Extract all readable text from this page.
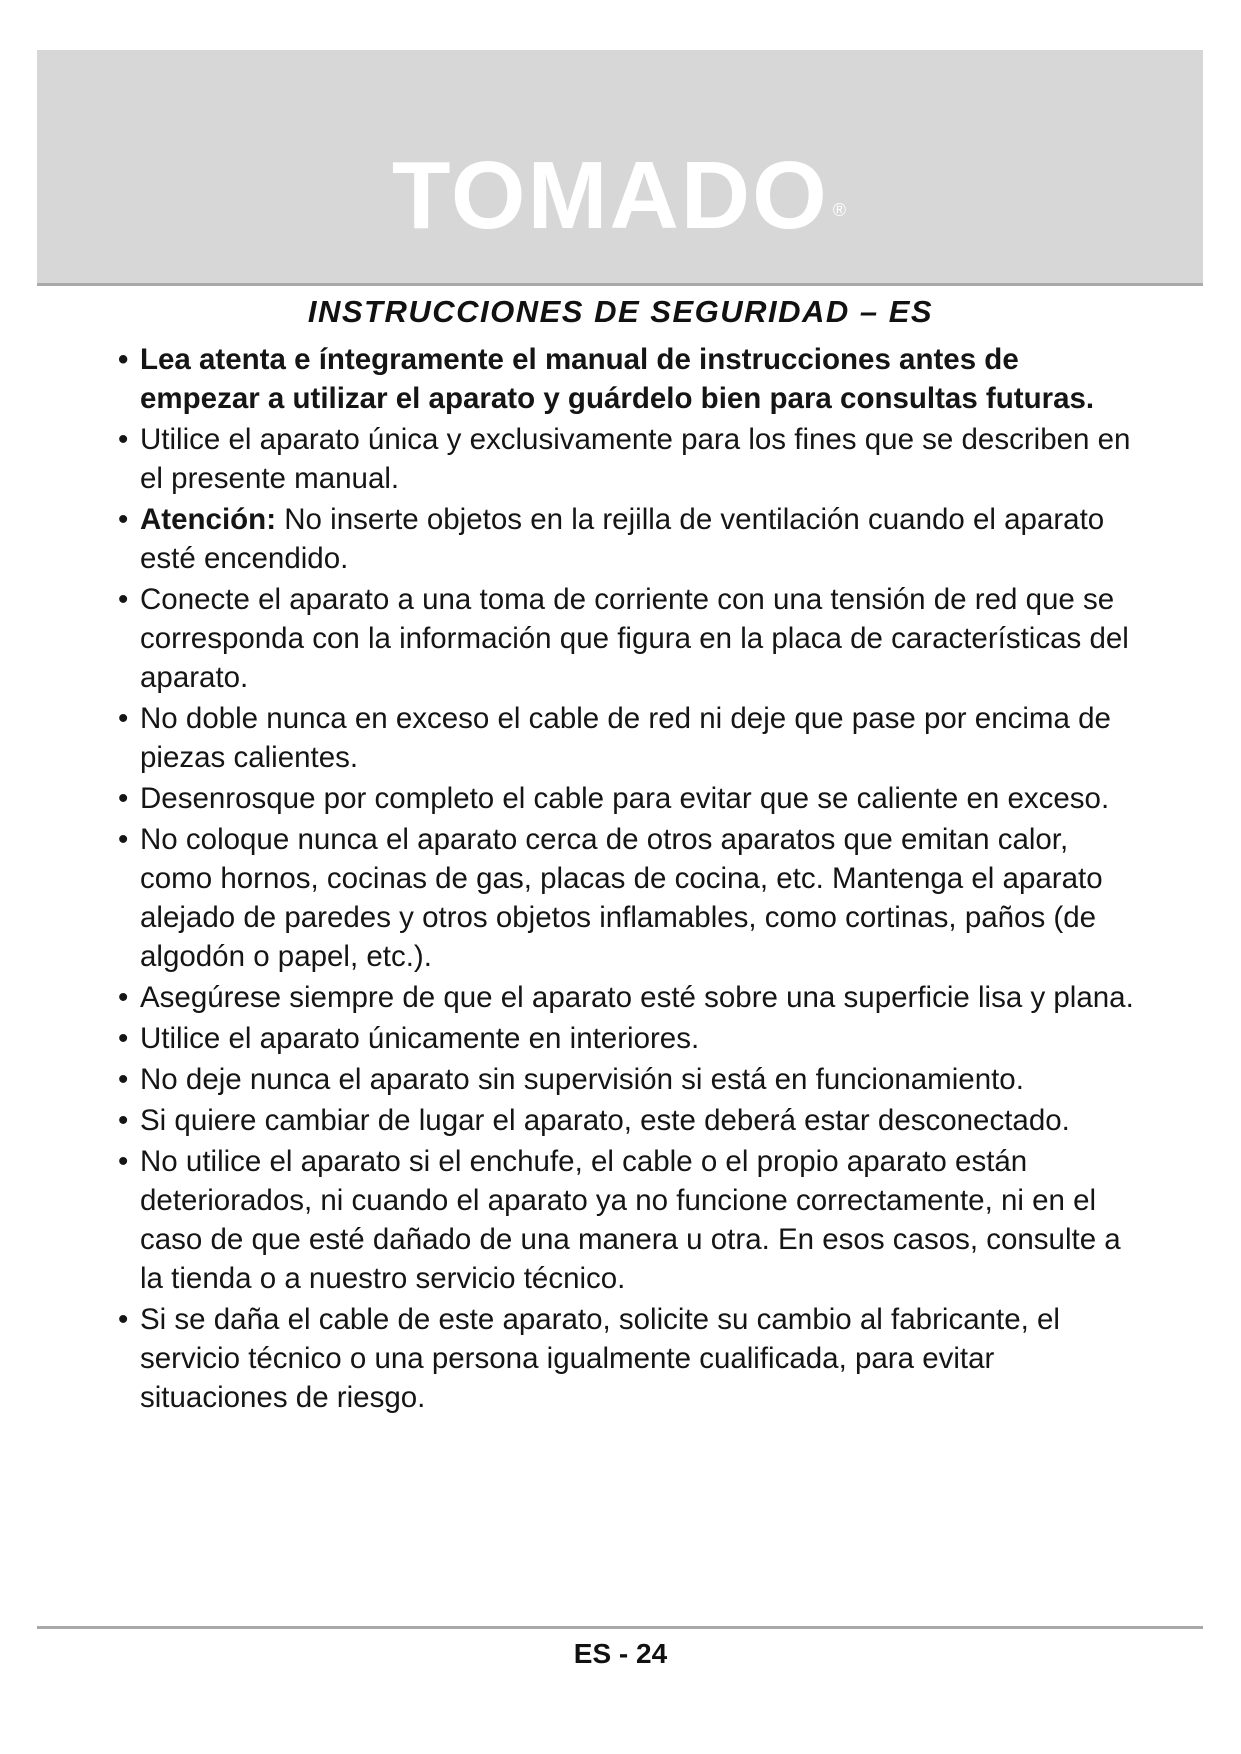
TOMADO ®
INSTRUCCIONES DE SEGURIDAD – ES
• Lea atenta e íntegramente el manual de instrucciones antes de empezar a utilizar el aparato y guárdelo bien para consultas futuras.
• Utilice el aparato única y exclusivamente para los fines que se describen en el presente manual.
• Atención: No inserte objetos en la rejilla de ventilación cuando el aparato esté encendido.
• Conecte el aparato a una toma de corriente con una tensión de red que se corresponda con la información que figura en la placa de características del aparato.
• No doble nunca en exceso el cable de red ni deje que pase por encima de piezas calientes.
• Desenrosque por completo el cable para evitar que se caliente en exceso.
• No coloque nunca el aparato cerca de otros aparatos que emitan calor, como hornos, cocinas de gas, placas de cocina, etc. Mantenga el aparato alejado de paredes y otros objetos inflamables, como cortinas, paños (de algodón o papel, etc.).
• Asegúrese siempre de que el aparato esté sobre una superficie lisa y plana.
• Utilice el aparato únicamente en interiores.
• No deje nunca el aparato sin supervisión si está en funcionamiento.
• Si quiere cambiar de lugar el aparato, este deberá estar desconectado.
• No utilice el aparato si el enchufe, el cable o el propio aparato están deteriorados, ni cuando el aparato ya no funcione correctamente, ni en el caso de que esté dañado de una manera u otra. En esos casos, consulte a la tienda o a nuestro servicio técnico.
• Si se daña el cable de este aparato, solicite su cambio al fabricante, el servicio técnico o una persona igualmente cualificada, para evitar situaciones de riesgo.
ES - 24
